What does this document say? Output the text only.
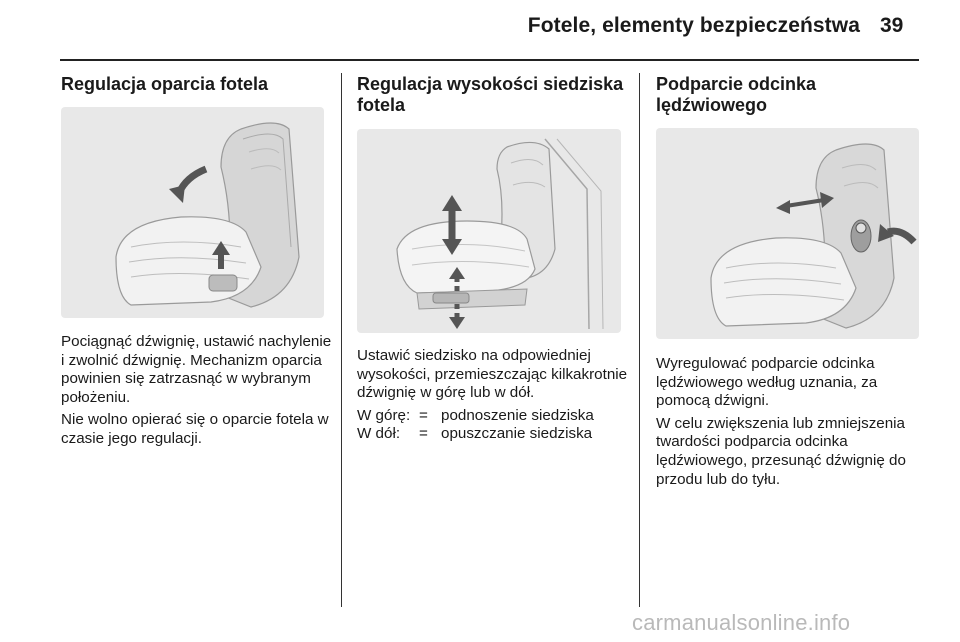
Fotele, elementy bezpieczeństwa 39
Regulacja oparcia fotela

Pociągnąć dźwignię, ustawić nachylenie i zwolnić dźwignię. Mechanizm oparcia powinien się zatrzasnąć w wybranym położeniu.

Nie wolno opierać się o oparcie fotela w czasie jego regulacji.

Regulacja wysokości siedziska fotela

Ustawić siedzisko na odpowiedniej wysokości, przemieszczając kilkakrotnie dźwignię w górę lub w dół.

W górę: = podnoszenie siedziska
W dół:	= opuszczanie siedziska
Podparcie odcinka lędźwiowego

Wyregulować podparcie odcinka lędźwiowego według uznania, za pomocą dźwigni.

W celu zwiększenia lub zmniejszenia twardości podparcia odcinka lędźwiowego, przesunąć dźwignię do przodu lub do tyłu.

carmanualsonline.info
